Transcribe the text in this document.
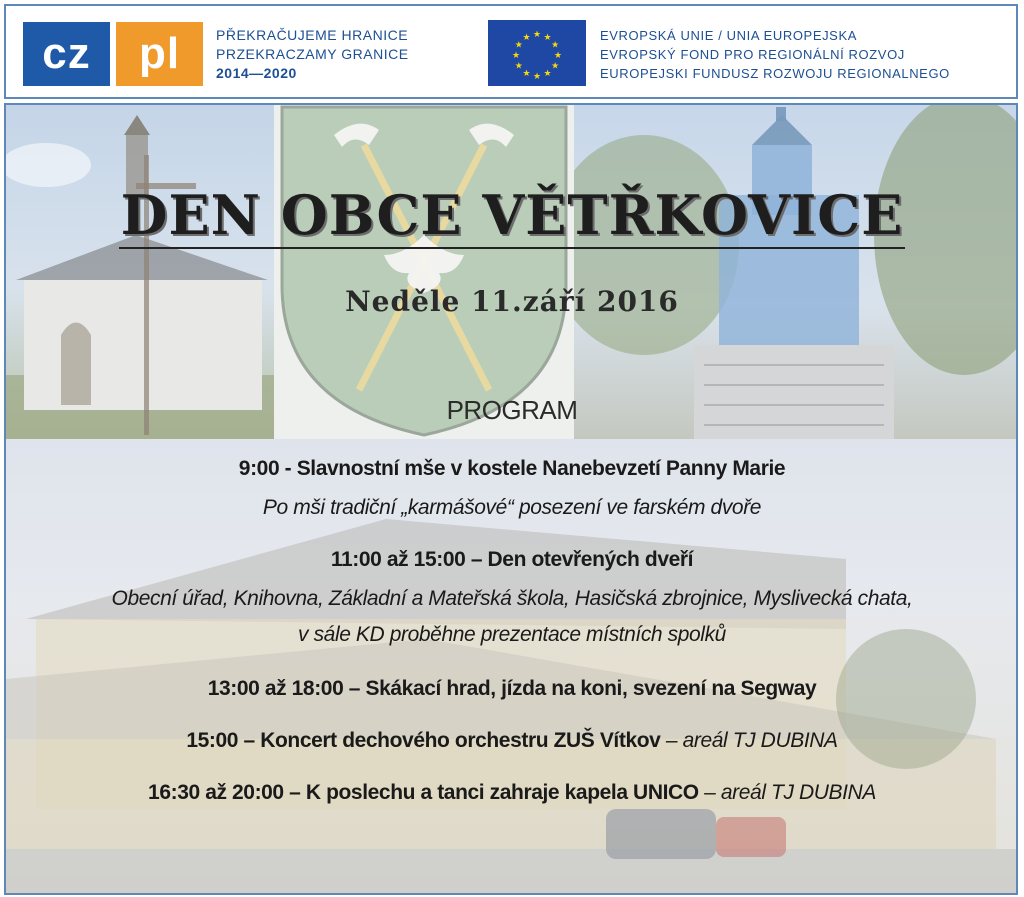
cz	pl	PŘEKRAČUJEME HRANICE
PRZEKRACZAMY GRANICE
2014—2020
★ ★
★
★
★
★
★
★
★
★
★
★	EVROPSKÁ UNIE / UNIA EUROPEJSKA
EVROPSKÝ FOND PRO REGIONÁLNÍ ROZVOJ
EUROPEJSKI FUNDUSZ ROZWOJU REGIONALNEGO
DEN OBCE VĚTŘKOVICE
Neděle 11.září 2016
PROGRAM
9:00 - Slavnostní mše v kostele Nanebevzetí Panny Marie
Po mši tradiční „karmášové“ posezení ve farském dvoře
11:00 až 15:00 – Den otevřených dveří
Obecní úřad, Knihovna, Základní a Mateřská škola, Hasičská zbrojnice, Myslivecká chata,
v sále KD proběhne prezentace místních spolků
13:00 až 18:00 – Skákací hrad, jízda na koni, svezení na Segway
15:00 – Koncert dechového orchestru ZUŠ Vítkov – areál TJ DUBINA
16:30 až 20:00 – K poslechu a tanci zahraje kapela UNICO – areál TJ DUBINA
